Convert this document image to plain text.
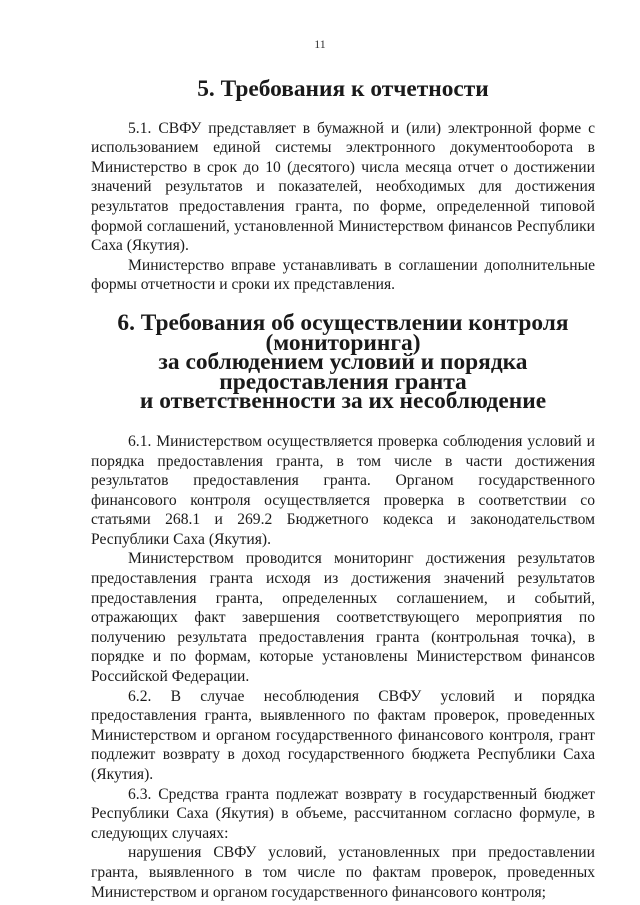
11
5. Требования к отчетности

5.1. СВФУ представляет в бумажной и (или) электронной форме с использованием единой системы электронного документооборота в Министерство в срок до 10 (десятого) числа месяца отчет о достижении значений результатов и показателей, необходимых для достижения результатов предоставления гранта, по форме, определенной типовой формой соглашений, установленной Министерством финансов Республики Саха (Якутия).

Министерство вправе устанавливать в соглашении дополнительные формы отчетности и сроки их представления.

6. Требования об осуществлении контроля (мониторинга)
за соблюдением условий и порядка предоставления гранта
и ответственности за их несоблюдение

6.1. Министерством осуществляется проверка соблюдения условий и порядка предоставления гранта, в том числе в части достижения результатов предоставления гранта. Органом государственного финансового контроля осуществляется проверка в соответствии со статьями 268.1 и 269.2 Бюджетного кодекса и законодательством Республики Саха (Якутия).

Министерством проводится мониторинг достижения результатов предоставления гранта исходя из достижения значений результатов предоставления гранта, определенных соглашением, и событий, отражающих факт завершения соответствующего мероприятия по получению результата предоставления гранта (контрольная точка), в порядке и по формам, которые установлены Министерством финансов Российской Федерации.

6.2. В случае несоблюдения СВФУ условий и порядка предоставления гранта, выявленного по фактам проверок, проведенных Министерством и органом государственного финансового контроля, грант подлежит возврату в доход государственного бюджета Республики Саха (Якутия).

6.3. Средства гранта подлежат возврату в государственный бюджет Республики Саха (Якутия) в объеме, рассчитанном согласно формуле, в следующих случаях:

нарушения СВФУ условий, установленных при предоставлении гранта, выявленного в том числе по фактам проверок, проведенных Министерством и органом государственного финансового контроля;
